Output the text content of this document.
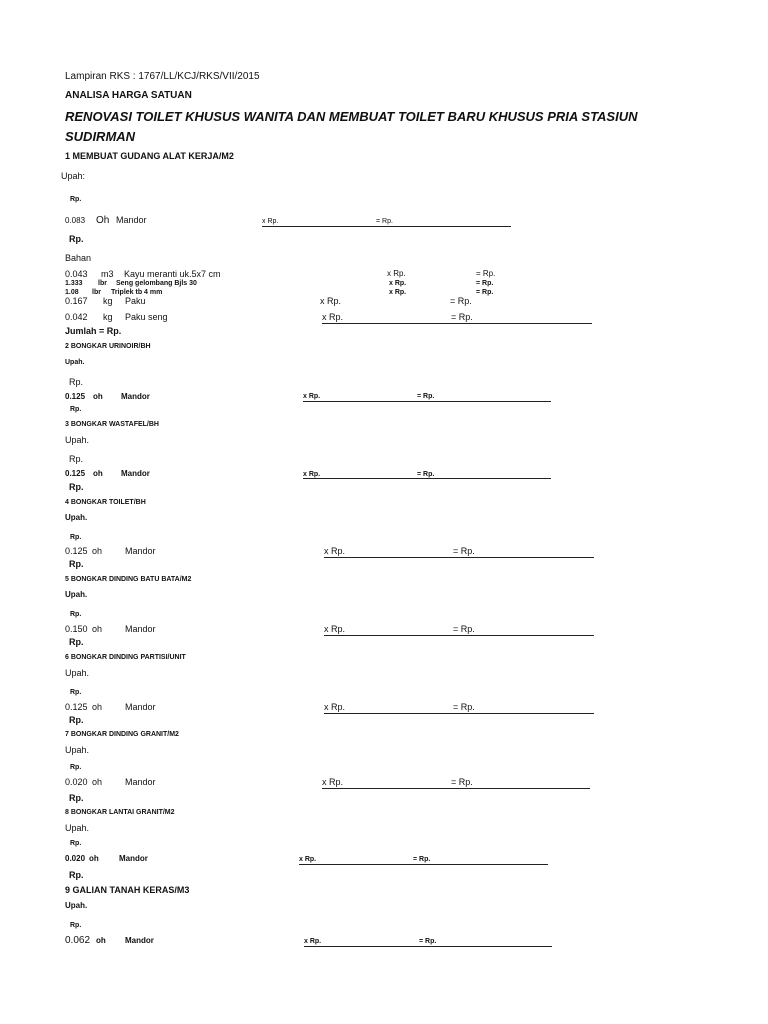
Lampiran RKS : 1767/LL/KCJ/RKS/VII/2015
ANALISA HARGA SATUAN
RENOVASI TOILET KHUSUS WANITA DAN MEMBUAT TOILET BARU KHUSUS PRIA STASIUN
SUDIRMAN
1 MEMBUAT GUDANG ALAT KERJA/M2
Upah:
Rp.
0.083 Oh Mandor	x Rp.	= Rp.
Rp.
Bahan
0.043 m3 Kayu meranti uk.5x7 cm	x Rp.	= Rp.
1.333 lbr Seng gelombang Bjls 30	x Rp.	= Rp.
1.08 lbr Triplek tb 4 mm	x Rp.	= Rp.
0.167 kg Paku	x Rp.	= Rp.
0.042 kg Paku seng	x Rp.	= Rp.
Jumlah = Rp.
2 BONGKAR URINOIR/BH
Upah.
Rp.
0.125 oh Mandor	x Rp.	= Rp.
Rp.
3 BONGKAR WASTAFEL/BH
Upah.
Rp.
0.125 oh Mandor	x Rp.	= Rp.
Rp.
4 BONGKAR TOILET/BH
Upah.
Rp.
0.125 oh	Mandor	x Rp.	= Rp.
Rp.
5 BONGKAR DINDING BATU BATA/M2
Upah.
Rp.
0.150 oh	Mandor	x Rp.	= Rp.
Rp.
6 BONGKAR DINDING PARTISI/UNIT
Upah.
Rp.
0.125 oh	Mandor	x Rp.	= Rp.
Rp.
7 BONGKAR DINDING GRANIT/M2
Upah.
Rp.
0.020 oh	Mandor	x Rp.	= Rp.
Rp.
8 BONGKAR LANTAI GRANIT/M2
Upah.
Rp.
0.020 oh	Mandor	x Rp.	= Rp.
Rp.
9 GALIAN TANAH KERAS/M3
Upah.
Rp.
0.062 oh Mandor	x Rp.	= Rp.
